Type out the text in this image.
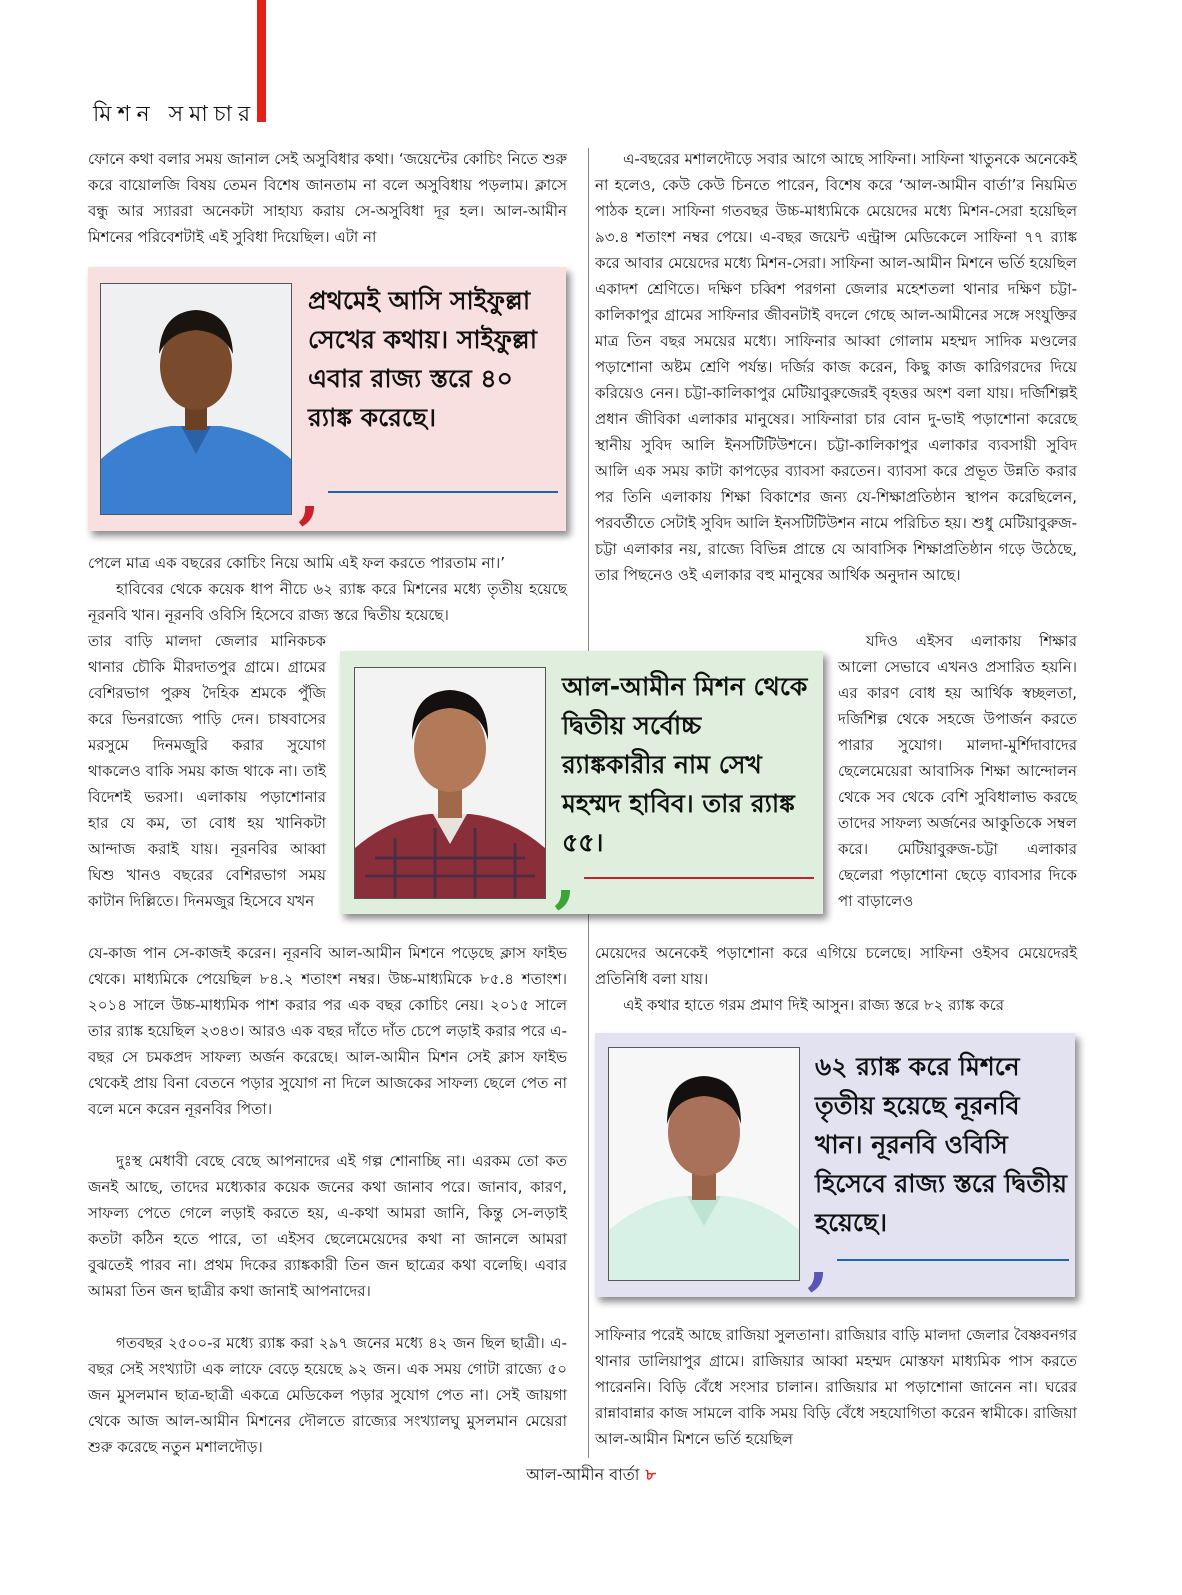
মিশন সমাচার

ফোনে কথা বলার সময় জানাল সেই অসুবিধার কথা। ‘জয়েন্টের কোচিং নিতে শুরু করে বায়োলজি বিষয় তেমন বিশেষ জানতাম না বলে অসুবিধায় পড়লাম। ক্লাসে বন্ধু আর স্যাররা অনেকটা সাহায্য করায় সে-অসুবিধা দূর হল। আল-আমীন মিশনের পরিবেশটাই এই সুবিধা দিয়েছিল। এটা না

প্রথমেই আসি সাইফুল্লা সেখের কথায়। সাইফুল্লা এবার রাজ্য স্তরে ৪০ র‍্যাঙ্ক করেছে।

,

পেলে মাত্র এক বছরের কোচিং নিয়ে আমি এই ফল করতে পারতাম না।’

হাবিবের থেকে কয়েক ধাপ নীচে ৬২ র‍্যাঙ্ক করে মিশনের মধ্যে তৃতীয় হয়েছে নূরনবি খান। নূরনবি ওবিসি হিসেবে রাজ্য স্তরে দ্বিতীয় হয়েছে।

তার বাড়ি মালদা জেলার মানিকচক থানার চৌকি মীরদাতপুর গ্রামে। গ্রামের বেশিরভাগ পুরুষ দৈহিক শ্রমকে পুঁজি করে ভিনরাজ্যে পাড়ি দেন। চাষবাসের মরসুমে দিনমজুরি করার সুযোগ থাকলেও বাকি সময় কাজ থাকে না। তাই বিদেশই ভরসা। এলাকায় পড়াশোনার হার যে কম, তা বোধ হয় খানিকটা আন্দাজ করাই যায়। নূরনবির আব্বা ঘিশু খানও বছরের বেশিরভাগ সময় কাটান দিল্লিতে। দিনমজুর হিসেবে যখন

যে-কাজ পান সে-কাজই করেন। নূরনবি আল-আমীন মিশনে পড়েছে ক্লাস ফাইভ থেকে। মাধ্যমিকে পেয়েছিল ৮৪.২ শতাংশ নম্বর। উচ্চ-মাধ্যমিকে ৮৫.৪ শতাংশ। ২০১৪ সালে উচ্চ-মাধ্যমিক পাশ করার পর এক বছর কোচিং নেয়। ২০১৫ সালে তার র‍্যাঙ্ক হয়েছিল ২৩৪৩। আরও এক বছর দাঁতে দাঁত চেপে লড়াই করার পরে এ-বছর সে চমকপ্রদ সাফল্য অর্জন করেছে। আল-আমীন মিশন সেই ক্লাস ফাইভ থেকেই প্রায় বিনা বেতনে পড়ার সুযোগ না দিলে আজকের সাফল্য ছেলে পেত না বলে মনে করেন নূরনবির পিতা।

দুঃস্থ মেধাবী বেছে বেছে আপনাদের এই গল্প শোনাচ্ছি না। এরকম তো কত জনই আছে, তাদের মধ্যেকার কয়েক জনের কথা জানাব পরে। জানাব, কারণ, সাফল্য পেতে গেলে লড়াই করতে হয়, এ-কথা আমরা জানি, কিন্তু সে-লড়াই কতটা কঠিন হতে পারে, তা এইসব ছেলেমেয়েদের কথা না জানলে আমরা বুঝতেই পারব না। প্রথম দিকের র‍্যাঙ্ককারী তিন জন ছাত্রের কথা বলেছি। এবার আমরা তিন জন ছাত্রীর কথা জানাই আপনাদের।

গতবছর ২৫০০-র মধ্যে র‍্যাঙ্ক করা ২৯৭ জনের মধ্যে ৪২ জন ছিল ছাত্রী। এ-বছর সেই সংখ্যাটা এক লাফে বেড়ে হয়েছে ৯২ জন। এক সময় গোটা রাজ্যে ৫০ জন মুসলমান ছাত্র-ছাত্রী একত্রে মেডিকেল পড়ার সুযোগ পেত না। সেই জায়গা থেকে আজ আল-আমীন মিশনের দৌলতে রাজ্যের সংখ্যালঘু মুসলমান মেয়েরা শুরু করেছে নতুন মশালদৌড়।

আল-আমীন মিশন থেকে দ্বিতীয় সর্বোচ্চ র‍্যাঙ্ককারীর নাম সেখ মহম্মদ হাবিব। তার র‍্যাঙ্ক ৫৫।

,

এ-বছরের মশালদৌড়ে সবার আগে আছে সাফিনা। সাফিনা খাতুনকে অনেকেই না হলেও, কেউ কেউ চিনতে পারেন, বিশেষ করে ‘আল-আমীন বার্তা’র নিয়মিত পাঠক হলে। সাফিনা গতবছর উচ্চ-মাধ্যমিকে মেয়েদের মধ্যে মিশন-সেরা হয়েছিল ৯৩.৪ শতাংশ নম্বর পেয়ে। এ-বছর জয়েন্ট এন্ট্রান্স মেডিকেলে সাফিনা ৭৭ র‍্যাঙ্ক করে আবার মেয়েদের মধ্যে মিশন-সেরা। সাফিনা আল-আমীন মিশনে ভর্তি হয়েছিল একাদশ শ্রেণিতে। দক্ষিণ চব্বিশ পরগনা জেলার মহেশতলা থানার দক্ষিণ চট্টা-কালিকাপুর গ্রামের সাফিনার জীবনটাই বদলে গেছে আল-আমীনের সঙ্গে সংযুক্তির মাত্র তিন বছর সময়ের মধ্যে। সাফিনার আব্বা গোলাম মহম্মদ সাদিক মণ্ডলের পড়াশোনা অষ্টম শ্রেণি পর্যন্ত। দর্জির কাজ করেন, কিছু কাজ কারিগরদের দিয়ে করিয়েও নেন। চট্টা-কালিকাপুর মেটিয়াবুরুজেরই বৃহত্তর অংশ বলা যায়। দর্জিশিল্পই প্রধান জীবিকা এলাকার মানুষের। সাফিনারা চার বোন দু-ভাই পড়াশোনা করেছে স্থানীয় সুবিদ আলি ইনসটিটিউশনে। চট্টা-কালিকাপুর এলাকার ব্যবসায়ী সুবিদ আলি এক সময় কাটা কাপড়ের ব্যাবসা করতেন। ব্যাবসা করে প্রভূত উন্নতি করার পর তিনি এলাকায় শিক্ষা বিকাশের জন্য যে-শিক্ষাপ্রতিষ্ঠান স্থাপন করেছিলেন, পরবর্তীতে সেটাই সুবিদ আলি ইনসটিটিউশন নামে পরিচিত হয়। শুধু মেটিয়াবুরুজ-চট্টা এলাকার নয়, রাজ্যে বিভিন্ন প্রান্তে যে আবাসিক শিক্ষাপ্রতিষ্ঠান গড়ে উঠেছে, তার পিছনেও ওই এলাকার বহু মানুষের আর্থিক অনুদান আছে।

যদিও এইসব এলাকায় শিক্ষার আলো সেভাবে এখনও প্রসারিত হয়নি। এর কারণ বোধ হয় আর্থিক স্বচ্ছলতা, দর্জিশিল্প থেকে সহজে উপার্জন করতে পারার সুযোগ। মালদা-মুর্শিদাবাদের ছেলেমেয়েরা আবাসিক শিক্ষা আন্দোলন থেকে সব থেকে বেশি সুবিধালাভ করছে তাদের সাফল্য অর্জনের আকুতিকে সম্বল করে। মেটিয়াবুরুজ-চট্টা এলাকার ছেলেরা পড়াশোনা ছেড়ে ব্যাবসার দিকে পা বাড়ালেও

মেয়েদের অনেকেই পড়াশোনা করে এগিয়ে চলেছে। সাফিনা ওইসব মেয়েদেরই প্রতিনিধি বলা যায়।

এই কথার হাতে গরম প্রমাণ দিই আসুন। রাজ্য স্তরে ৮২ র‍্যাঙ্ক করে

৬২ র‍্যাঙ্ক করে মিশনে তৃতীয় হয়েছে নূরনবি খান। নূরনবি ওবিসি হিসেবে রাজ্য স্তরে দ্বিতীয় হয়েছে।

,

সাফিনার পরেই আছে রাজিয়া সুলতানা। রাজিয়ার বাড়ি মালদা জেলার বৈষ্ণবনগর থানার ডালিয়াপুর গ্রামে। রাজিয়ার আব্বা মহম্মদ মোস্তফা মাধ্যমিক পাস করতে পারেননি। বিড়ি বেঁধে সংসার চালান। রাজিয়ার মা পড়াশোনা জানেন না। ঘরের রান্নাবান্নার কাজ সামলে বাকি সময় বিড়ি বেঁধে সহযোগিতা করেন স্বামীকে। রাজিয়া আল-আমীন মিশনে ভর্তি হয়েছিল

আল-আমীন বার্তা ৮
